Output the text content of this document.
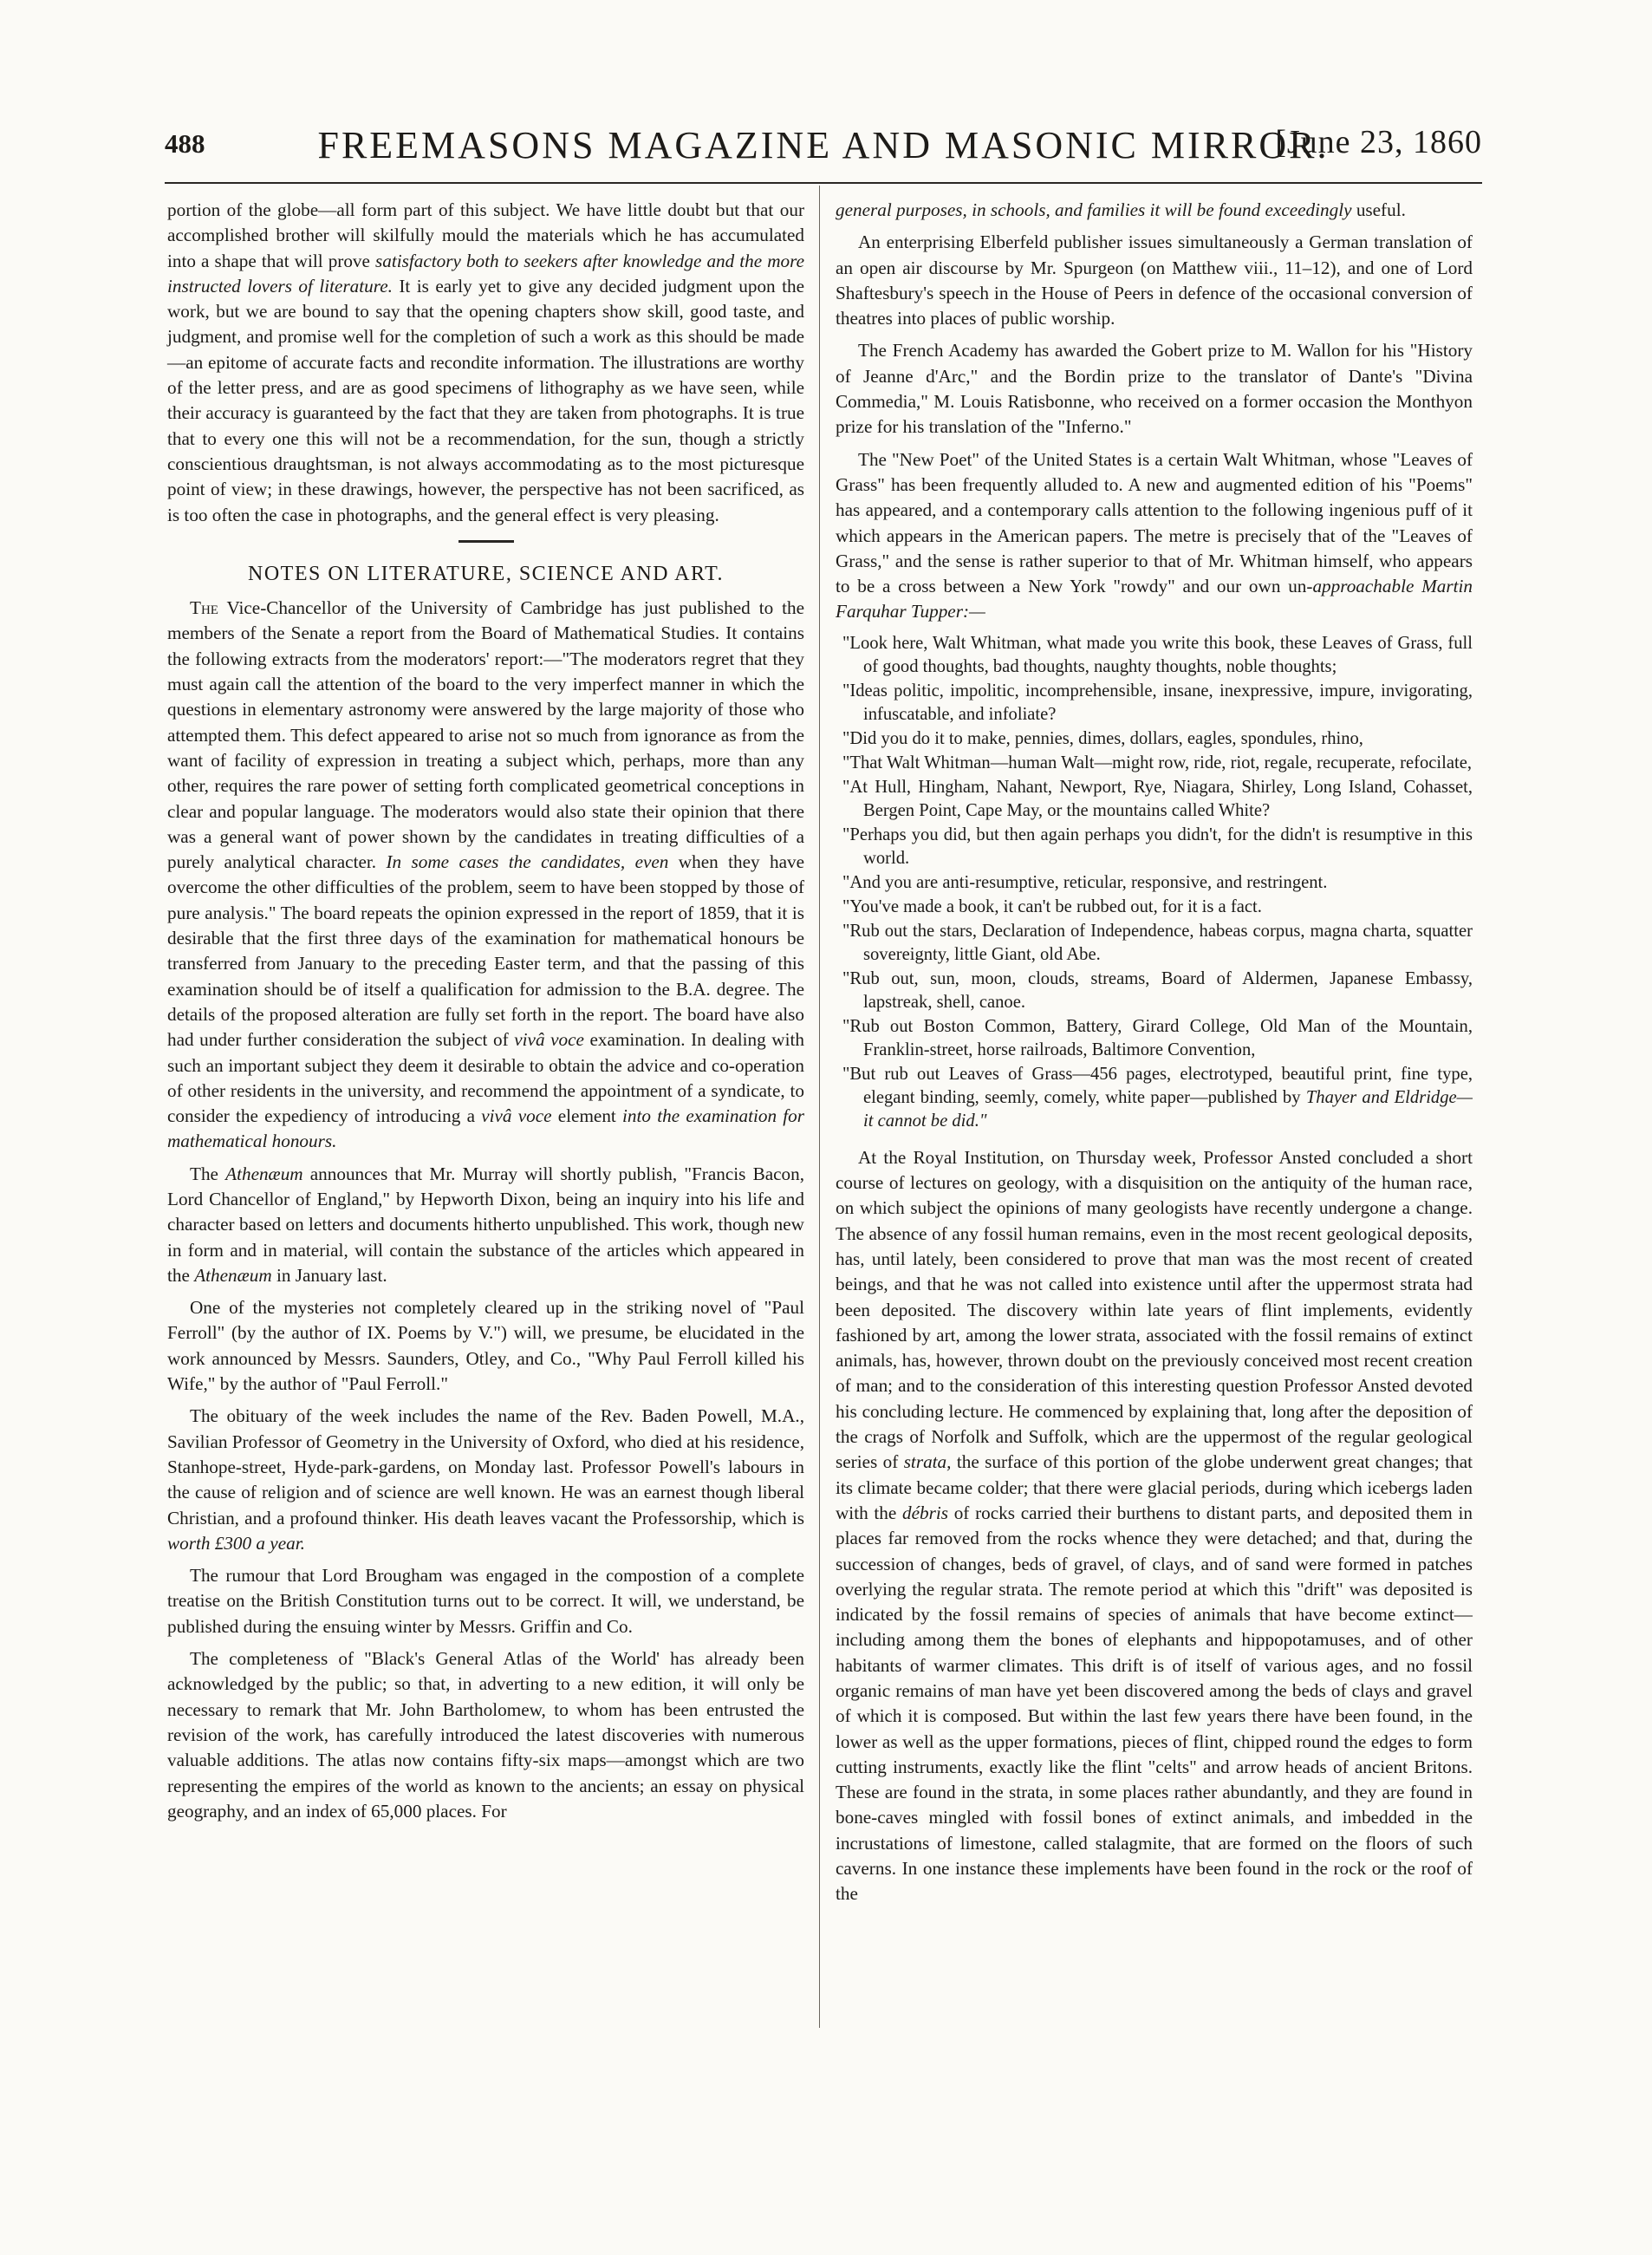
488	FREEMASONS MAGAZINE AND MASONIC MIRROR.
[June 23, 1860

portion of the globe—all form part of this subject. We have little doubt but that our accomplished brother will skilfully mould the materials which he has accumulated into a shape that will prove satisfactory both to seekers after knowledge and the more instructed lovers of literature. It is early yet to give any decided judgment upon the work, but we are bound to say that the opening chapters show skill, good taste, and judgment, and promise well for the completion of such a work as this should be made—an epitome of accurate facts and recondite information. The illustrations are worthy of the letter press, and are as good specimens of lithography as we have seen, while their accuracy is guaranteed by the fact that they are taken from photographs. It is true that to every one this will not be a recommendation, for the sun, though a strictly conscientious draughtsman, is not always accommodating as to the most picturesque point of view; in these drawings, however, the perspective has not been sacrificed, as is too often the case in photographs, and the general effect is very pleasing.

NOTES ON LITERATURE, SCIENCE AND ART.

The Vice-Chancellor of the University of Cambridge has just published to the members of the Senate a report from the Board of Mathematical Studies. It contains the following extracts from the moderators' report:—"The moderators regret that they must again call the attention of the board to the very imperfect manner in which the questions in elementary astronomy were answered by the large majority of those who attempted them. This defect appeared to arise not so much from ignorance as from the want of facility of expression in treating a subject which, perhaps, more than any other, requires the rare power of setting forth complicated geometrical conceptions in clear and popular language. The moderators would also state their opinion that there was a general want of power shown by the candidates in treating difficulties of a purely analytical character. In some cases the candidates, even when they have overcome the other difficulties of the problem, seem to have been stopped by those of pure analysis." The board repeats the opinion expressed in the report of 1859, that it is desirable that the first three days of the examination for mathematical honours be transferred from January to the preceding Easter term, and that the passing of this examination should be of itself a qualification for admission to the B.A. degree. The details of the proposed alteration are fully set forth in the report. The board have also had under further consideration the subject of vivâ voce examination. In dealing with such an important subject they deem it desirable to obtain the advice and co-operation of other residents in the university, and recommend the appointment of a syndicate, to consider the expediency of introducing a vivâ voce element into the examination for mathematical honours.

The Athenæum announces that Mr. Murray will shortly publish, "Francis Bacon, Lord Chancellor of England," by Hepworth Dixon, being an inquiry into his life and character based on letters and documents hitherto unpublished. This work, though new in form and in material, will contain the substance of the articles which appeared in the Athenæum in January last.

One of the mysteries not completely cleared up in the striking novel of "Paul Ferroll" (by the author of IX. Poems by V.") will, we presume, be elucidated in the work announced by Messrs. Saunders, Otley, and Co., "Why Paul Ferroll killed his Wife," by the author of "Paul Ferroll."

The obituary of the week includes the name of the Rev. Baden Powell, M.A., Savilian Professor of Geometry in the University of Oxford, who died at his residence, Stanhope-street, Hyde-park-gardens, on Monday last. Professor Powell's labours in the cause of religion and of science are well known. He was an earnest though liberal Christian, and a profound thinker. His death leaves vacant the Professorship, which is worth £300 a year.

The rumour that Lord Brougham was engaged in the compostion of a complete treatise on the British Constitution turns out to be correct. It will, we understand, be published during the ensuing winter by Messrs. Griffin and Co.

The completeness of "Black's General Atlas of the World' has already been acknowledged by the public; so that, in adverting to a new edition, it will only be necessary to remark that Mr. John Bartholomew, to whom has been entrusted the revision of the work, has carefully introduced the latest discoveries with numerous valuable additions. The atlas now contains fifty-six maps—amongst which are two representing the empires of the world as known to the ancients; an essay on physical geography, and an index of 65,000 places. For

general purposes, in schools, and families it will be found exceedingly useful.

An enterprising Elberfeld publisher issues simultaneously a German translation of an open air discourse by Mr. Spurgeon (on Matthew viii., 11–12), and one of Lord Shaftesbury's speech in the House of Peers in defence of the occasional conversion of theatres into places of public worship.

The French Academy has awarded the Gobert prize to M. Wallon for his "History of Jeanne d'Arc," and the Bordin prize to the translator of Dante's "Divina Commedia," M. Louis Ratisbonne, who received on a former occasion the Monthyon prize for his translation of the "Inferno."

The "New Poet" of the United States is a certain Walt Whitman, whose "Leaves of Grass" has been frequently alluded to. A new and augmented edition of his "Poems" has appeared, and a contemporary calls attention to the following ingenious puff of it which appears in the American papers. The metre is precisely that of the "Leaves of Grass," and the sense is rather superior to that of Mr. Whitman himself, who appears to be a cross between a New York "rowdy" and our own un-approachable Martin Farquhar Tupper:—

"Look here, Walt Whitman, what made you write this book, these Leaves of Grass, full of good thoughts, bad thoughts, naughty thoughts, noble thoughts;
"Ideas politic, impolitic, incomprehensible, insane, inexpressive, impure, invigorating, infuscatable, and infoliate?
"Did you do it to make, pennies, dimes, dollars, eagles, spondules, rhino,
"That Walt Whitman—human Walt—might row, ride, riot, regale, recuperate, refocilate,
"At Hull, Hingham, Nahant, Newport, Rye, Niagara, Shirley, Long Island, Cohasset, Bergen Point, Cape May, or the mountains called White?
"Perhaps you did, but then again perhaps you didn't, for the didn't is resumptive in this world.
"And you are anti-resumptive, reticular, responsive, and restringent.
"You've made a book, it can't be rubbed out, for it is a fact.
"Rub out the stars, Declaration of Independence, habeas corpus, magna charta, squatter sovereignty, little Giant, old Abe.
"Rub out, sun, moon, clouds, streams, Board of Aldermen, Japanese Embassy, lapstreak, shell, canoe.
"Rub out Boston Common, Battery, Girard College, Old Man of the Mountain, Franklin-street, horse railroads, Baltimore Convention,
"But rub out Leaves of Grass—456 pages, electrotyped, beautiful print, fine type, elegant binding, seemly, comely, white paper—published by Thayer and Eldridge—it cannot be did."

At the Royal Institution, on Thursday week, Professor Ansted concluded a short course of lectures on geology, with a disquisition on the antiquity of the human race, on which subject the opinions of many geologists have recently undergone a change. The absence of any fossil human remains, even in the most recent geological deposits, has, until lately, been considered to prove that man was the most recent of created beings, and that he was not called into existence until after the uppermost strata had been deposited. The discovery within late years of flint implements, evidently fashioned by art, among the lower strata, associated with the fossil remains of extinct animals, has, however, thrown doubt on the previously conceived most recent creation of man; and to the consideration of this interesting question Professor Ansted devoted his concluding lecture. He commenced by explaining that, long after the deposition of the crags of Norfolk and Suffolk, which are the uppermost of the regular geological series of strata, the surface of this portion of the globe underwent great changes; that its climate became colder; that there were glacial periods, during which icebergs laden with the débris of rocks carried their burthens to distant parts, and deposited them in places far removed from the rocks whence they were detached; and that, during the succession of changes, beds of gravel, of clays, and of sand were formed in patches overlying the regular strata. The remote period at which this "drift" was deposited is indicated by the fossil remains of species of animals that have become extinct—including among them the bones of elephants and hippopotamuses, and of other habitants of warmer climates. This drift is of itself of various ages, and no fossil organic remains of man have yet been discovered among the beds of clays and gravel of which it is composed. But within the last few years there have been found, in the lower as well as the upper formations, pieces of flint, chipped round the edges to form cutting instruments, exactly like the flint "celts" and arrow heads of ancient Britons. These are found in the strata, in some places rather abundantly, and they are found in bone-caves mingled with fossil bones of extinct animals, and imbedded in the incrustations of limestone, called stalagmite, that are formed on the floors of such caverns. In one instance these implements have been found in the rock or the roof of the
